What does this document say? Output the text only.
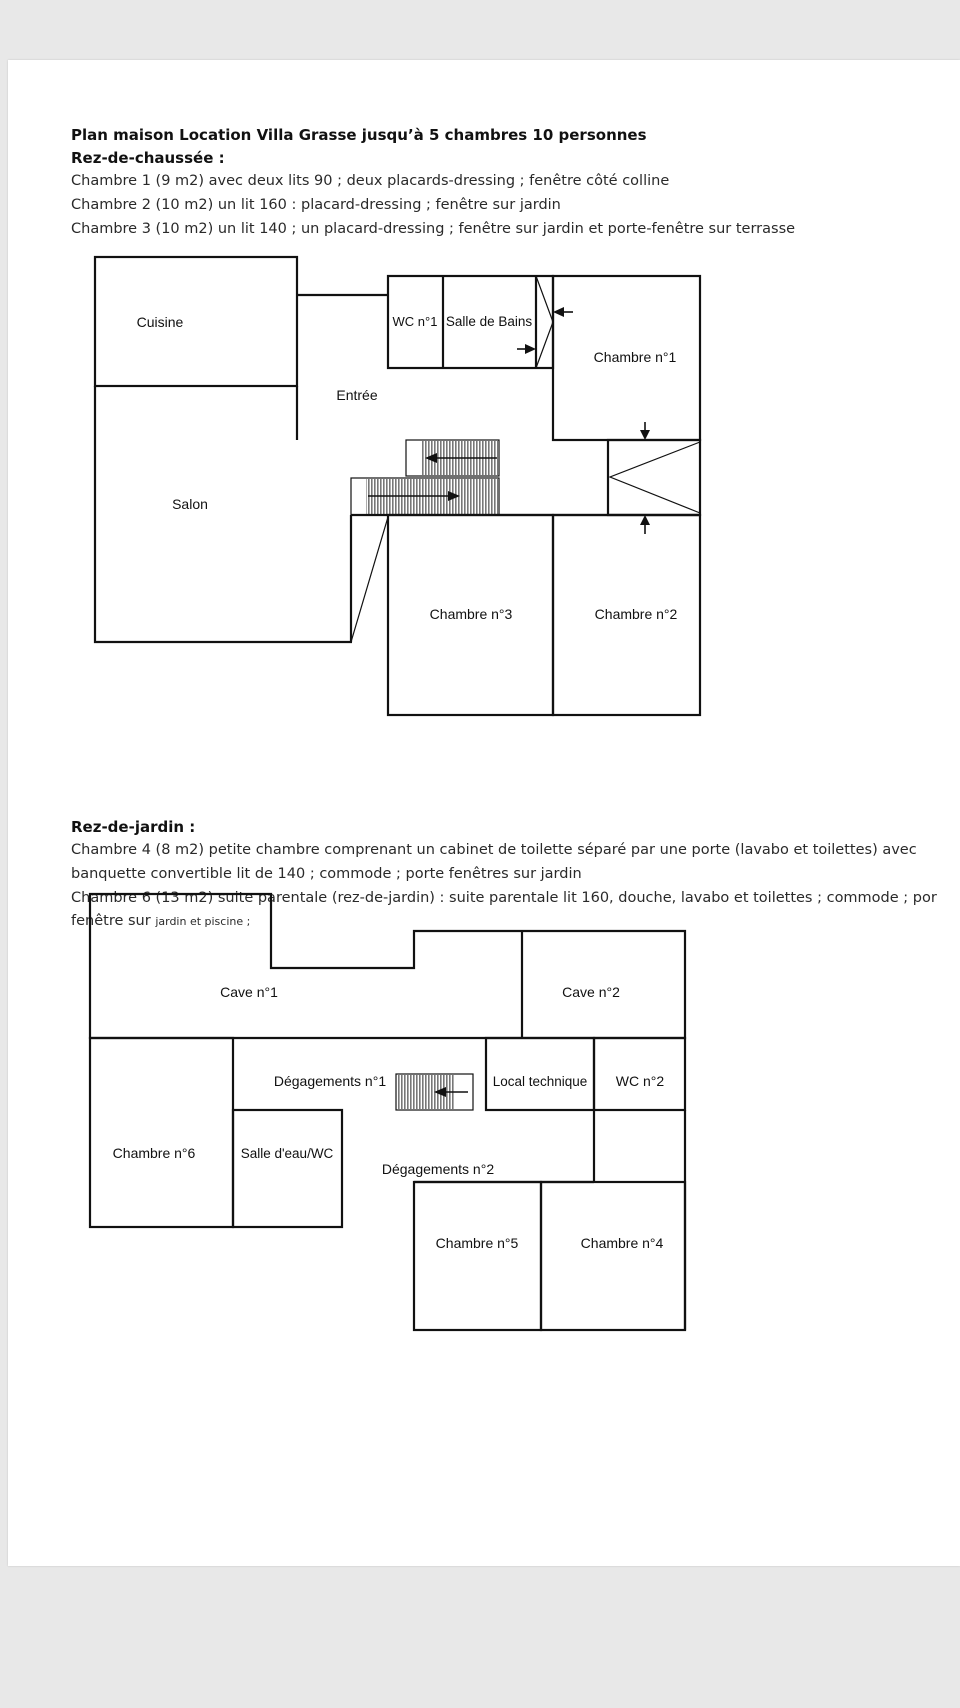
Plan maison Location Villa Grasse jusqu’à 5 chambres 10 personnes

Rez-de-chaussée :

Chambre 1 (9 m2) avec deux lits 90 ; deux placards-dressing ; fenêtre côté colline

Chambre 2 (10 m2) un lit 160 : placard-dressing ; fenêtre sur jardin

Chambre 3 (10 m2) un lit 140 ; un placard-dressing ; fenêtre sur jardin et porte-fenêtre sur terrasse

Rez-de-jardin :

Chambre 4 (8 m2) petite chambre comprenant un cabinet de toilette séparé par une porte (lavabo et toilettes) avec

banquette convertible lit de 140 ; commode ; porte fenêtres sur jardin

Chambre 6 (13 m2) suite parentale (rez-de-jardin) : suite parentale lit 160, douche, lavabo et toilettes ; commode ; por

fenêtre sur jardin et piscine ;

Cuisine	WC n°1 Salle de Bains
Chambre n°1
Entrée
Salon
Chambre n°3	Chambre n°2
Cave n°1	Cave n°2
Dégagements n°1	Local technique WC n°2
Chambre n°6	Salle d'eau/WC
Dégagements n°2
Chambre n°5	Chambre n°4
